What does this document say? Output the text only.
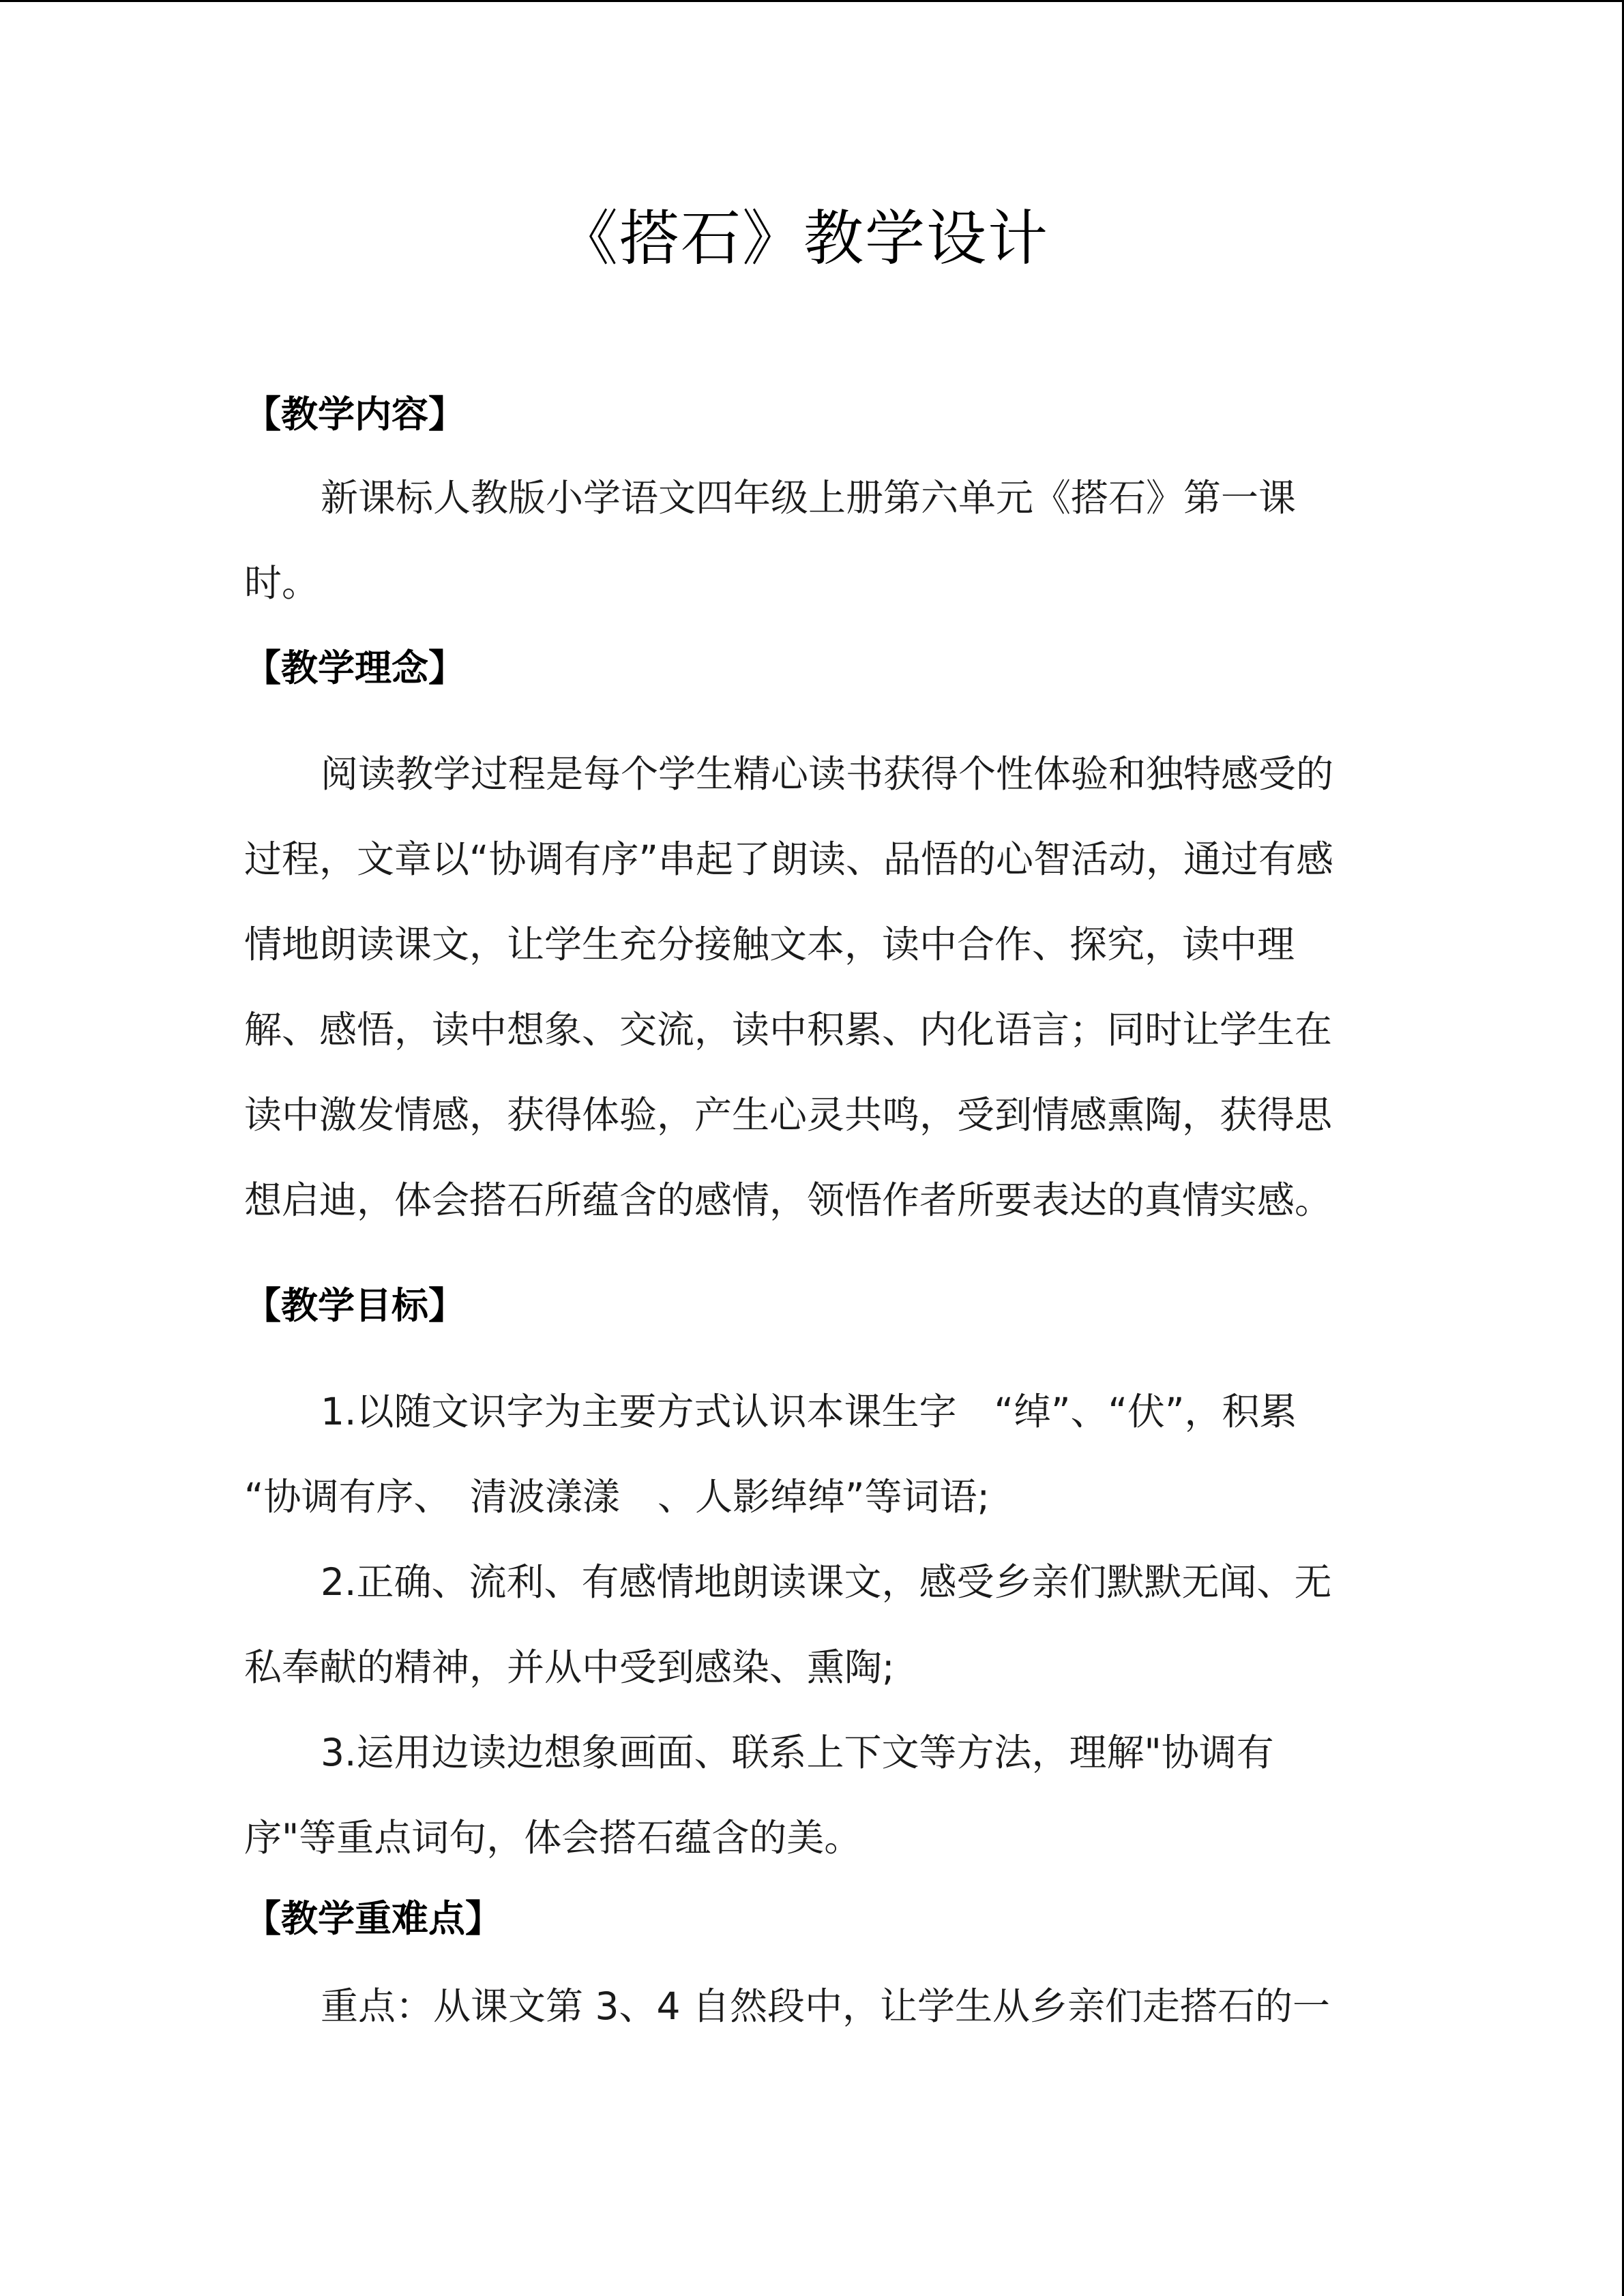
《搭石》教学设计
【教学内容】

新课标人教版小学语文四年级上册第六单元《搭石》第一课

时。

【教学理念】

阅读教学过程是每个学生精心读书获得个性体验和独特感受的过程，文章以“协调有序”串起了朗读、品悟的心智活动，通过有感情地朗读课文，让学生充分接触文本，读中合作、探究，读中理解、感悟，读中想象、交流，读中积累、内化语言；同时让学生在读中激发情感，获得体验，产生心灵共鸣，受到情感熏陶，获得思想启迪，体会搭石所蕴含的感情，领悟作者所要表达的真情实感。

【教学目标】

1.以随文识字为主要方式认识本课生字　“绰”、“伏”，积累

“协调有序、　清波漾漾　、人影绰绰”等词语;

2.正确、流利、有感情地朗读课文，感受乡亲们默默无闻、无私奉献的精神，并从中受到感染、熏陶;

3.运用边读边想象画面、联系上下文等方法，理解"协调有序"等重点词句，体会搭石蕴含的美。

【教学重难点】

重点：从课文第 3、4 自然段中，让学生从乡亲们走搭石的一
